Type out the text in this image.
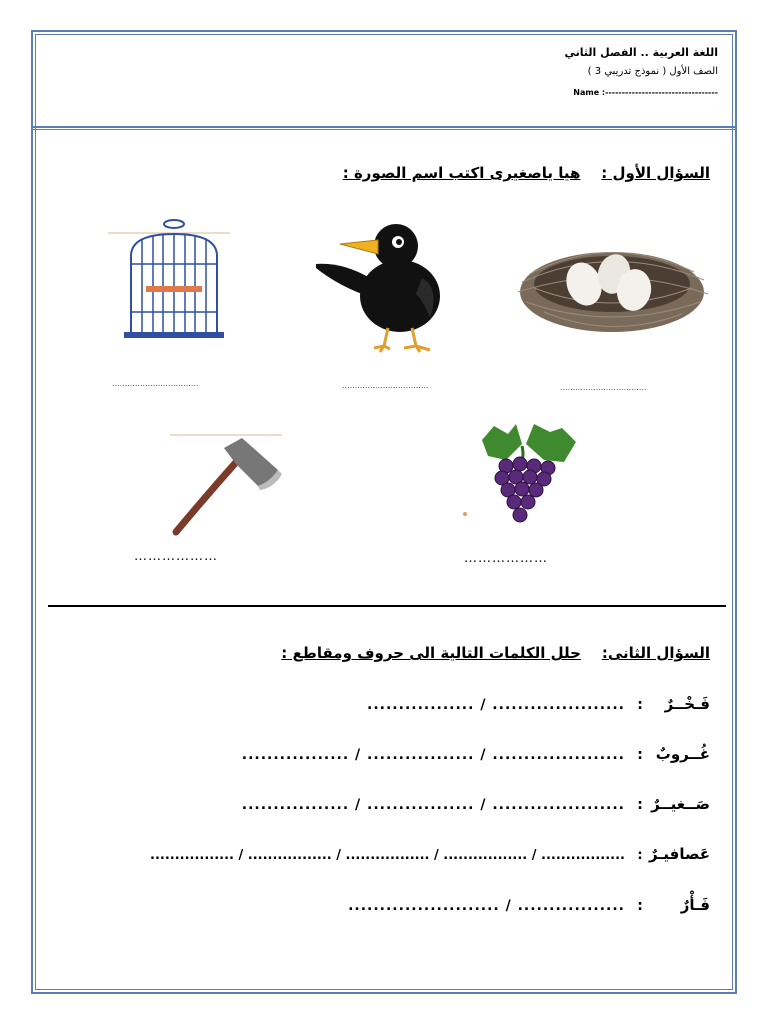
اللغة العربية .. الفصل الثاني
الصف الأول ( نموذج تدريبي 3 )
Name :----------------------------------
السؤال الأول :    هيا ياصغيرى اكتب اسم الصورة :
..................................	..................................	..................................
………………	………………
السؤال الثانى:    حلل الكلمات التالية الى حروف ومقاطع :
فَـخْــرٌ:..................... / .................
غُــروبٌ:..................... / ................. / .................
صَــغيــرٌ:..................... / ................. / .................
عَصافيـرٌ:................. / ................. / ................. / ................. / .................
فَـأْرٌ:................. / ........................
